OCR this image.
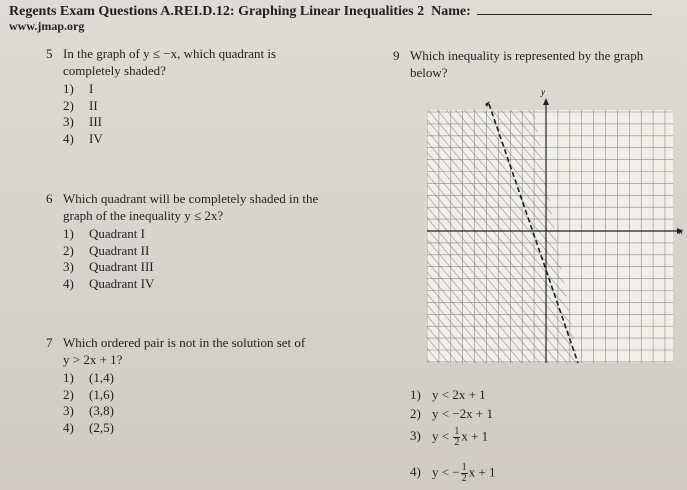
Regents Exam Questions A.REI.D.12: Graphing Linear Inequalities 2 Name:
www.jmap.org
5 In the graph of y ≤ −x, which quadrant is
completely shaded?
1) I
2) II
3) III
4) IV
6 Which quadrant will be completely shaded in the
graph of the inequality y ≤ 2x?
1) Quadrant I
2) Quadrant II
3) Quadrant III
4) Quadrant IV
7 Which ordered pair is not in the solution set of
y > 2x + 1?
1) (1,4)
2) (1,6)
3) (3,8)
4) (2,5)
9 Which inequality is represented by the graph
below?
x
y
1) y < 2x + 1
2) y < −2x + 1
3) $y < \frac{1}{2}$ x + 1
4) y < − $\frac{1}{2}$ x + 1
